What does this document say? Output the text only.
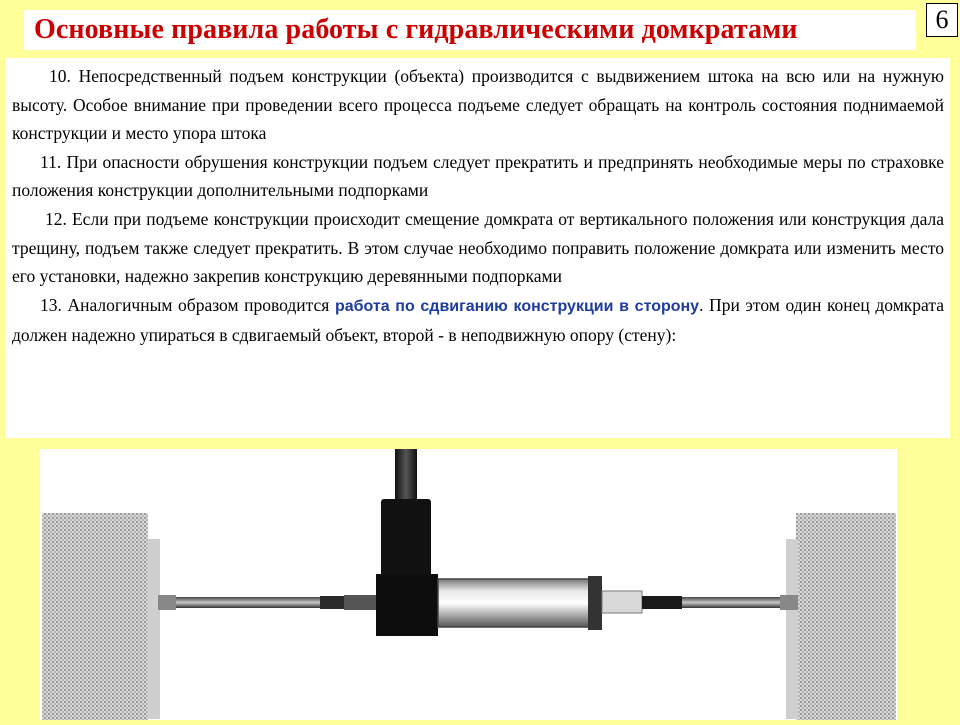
Основные правила работы с гидравлическими домкратами	6

10. Непосредственный подъем конструкции (объекта) производится с выдвижением штока на всю или на нужную высоту. Особое внимание при проведении всего процесса подъеме следует обращать на контроль состояния поднимаемой конструкции и место упора штока

11. При опасности обрушения конструкции подъем следует прекратить и предпринять необходимые меры по страховке положения конструкции дополнительными подпорками

12. Если при подъеме конструкции происходит смещение домкрата от вертикального положения или конструкция дала трещину, подъем также следует прекратить. В этом случае необходимо поправить положение домкрата или изменить место его установки, надежно закрепив конструкцию деревянными подпорками

13. Аналогичным образом проводится работа по сдвиганию конструкции в сторону. При этом один конец домкрата должен надежно упираться в сдвигаемый объект, второй - в неподвижную опору (стену):
